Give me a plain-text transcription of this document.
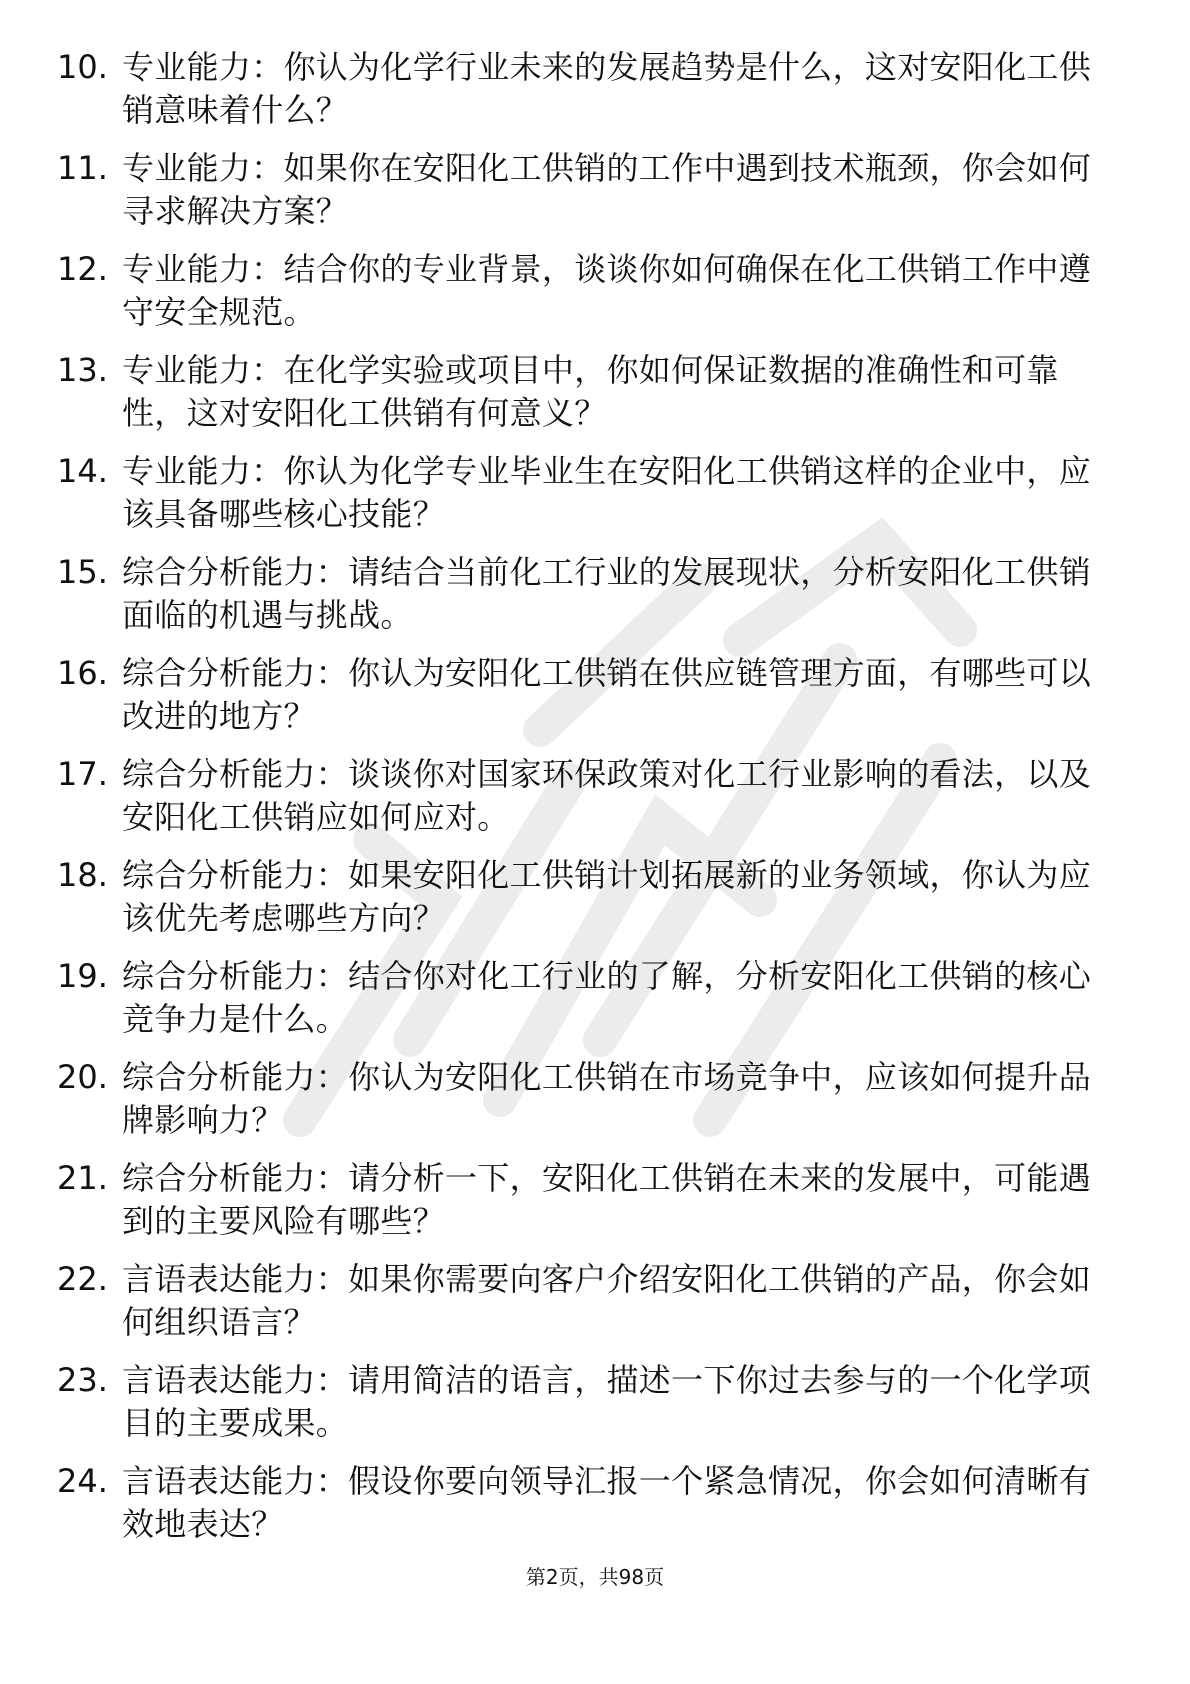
10. 专业能力：你认为化学行业未来的发展趋势是什么，这对安阳化工供销意味着什么？
11. 专业能力：如果你在安阳化工供销的工作中遇到技术瓶颈，你会如何寻求解决方案？
12. 专业能力：结合你的专业背景，谈谈你如何确保在化工供销工作中遵守安全规范。
13. 专业能力：在化学实验或项目中，你如何保证数据的准确性和可靠性，这对安阳化工供销有何意义？
14. 专业能力：你认为化学专业毕业生在安阳化工供销这样的企业中，应该具备哪些核心技能？
15. 综合分析能力：请结合当前化工行业的发展现状，分析安阳化工供销面临的机遇与挑战。
16. 综合分析能力：你认为安阳化工供销在供应链管理方面，有哪些可以改进的地方？
17. 综合分析能力：谈谈你对国家环保政策对化工行业影响的看法，以及安阳化工供销应如何应对。
18. 综合分析能力：如果安阳化工供销计划拓展新的业务领域，你认为应该优先考虑哪些方向？
19. 综合分析能力：结合你对化工行业的了解，分析安阳化工供销的核心竞争力是什么。
20. 综合分析能力：你认为安阳化工供销在市场竞争中，应该如何提升品牌影响力？
21. 综合分析能力：请分析一下，安阳化工供销在未来的发展中，可能遇到的主要风险有哪些？
22. 言语表达能力：如果你需要向客户介绍安阳化工供销的产品，你会如何组织语言？
23. 言语表达能力：请用简洁的语言，描述一下你过去参与的一个化学项目的主要成果。
24. 言语表达能力：假设你要向领导汇报一个紧急情况，你会如何清晰有效地表达？
第2页，共98页
